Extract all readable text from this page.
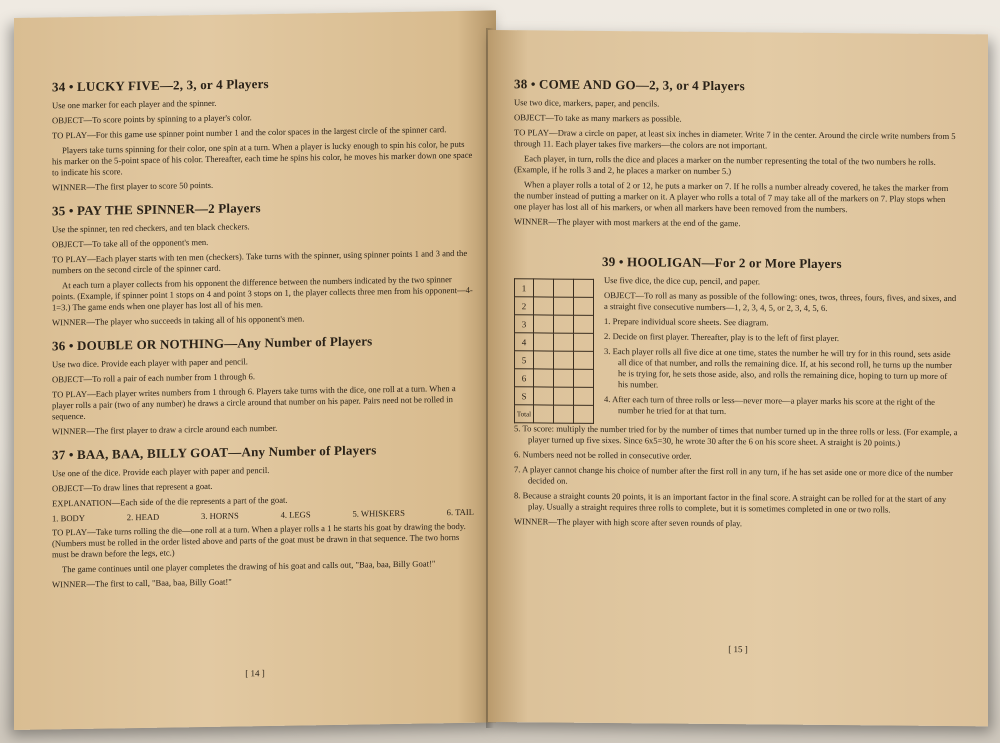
34 • LUCKY FIVE—2, 3, or 4 Players

Use one marker for each player and the spinner.

OBJECT—To score points by spinning to a player's color.

TO PLAY—For this game use spinner point number 1 and the color spaces in the largest circle of the spinner card.

Players take turns spinning for their color, one spin at a turn. When a player is lucky enough to spin his color, he puts his marker on the 5-point space of his color. Thereafter, each time he spins his color, he moves his marker down one space to indicate his score.

WINNER—The first player to score 50 points.

35 • PAY THE SPINNER—2 Players

Use the spinner, ten red checkers, and ten black checkers.

OBJECT—To take all of the opponent's men.

TO PLAY—Each player starts with ten men (checkers). Take turns with the spinner, using spinner points 1 and 3 and the numbers on the second circle of the spinner card.

At each turn a player collects from his opponent the difference between the numbers indicated by the two spinner points. (Example, if spinner point 1 stops on 4 and point 3 stops on 1, the player collects three men from his opponent—4-1=3.) The game ends when one player has lost all of his men.

WINNER—The player who succeeds in taking all of his opponent's men.

36 • DOUBLE OR NOTHING—Any Number of Players

Use two dice. Provide each player with paper and pencil.

OBJECT—To roll a pair of each number from 1 through 6.

TO PLAY—Each player writes numbers from 1 through 6. Players take turns with the dice, one roll at a turn. When a player rolls a pair (two of any number) he draws a circle around that number on his paper. Pairs need not be rolled in sequence.

WINNER—The first player to draw a circle around each number.

37 • BAA, BAA, BILLY GOAT—Any Number of Players

Use one of the dice. Provide each player with paper and pencil.

OBJECT—To draw lines that represent a goat.

EXPLANATION—Each side of the die represents a part of the goat.

1. BODY	2. HEAD	3. HORNS	4. LEGS	5. WHISKERS	6. TAIL

TO PLAY—Take turns rolling the die—one roll at a turn. When a player rolls a 1 he starts his goat by drawing the body. (Numbers must be rolled in the order listed above and parts of the goat must be drawn in that sequence. The two horns must be drawn before the legs, etc.)

The game continues until one player completes the drawing of his goat and calls out, "Baa, baa, Billy Goat!"

WINNER—The first to call, "Baa, baa, Billy Goat!"

[ 14 ]
38 • COME AND GO—2, 3, or 4 Players

Use two dice, markers, paper, and pencils.

OBJECT—To take as many markers as possible.

TO PLAY—Draw a circle on paper, at least six inches in diameter. Write 7 in the center. Around the circle write numbers from 5 through 11. Each player takes five markers—the colors are not important.

Each player, in turn, rolls the dice and places a marker on the number representing the total of the two numbers he rolls. (Example, if he rolls 3 and 2, he places a marker on number 5.)

When a player rolls a total of 2 or 12, he puts a marker on 7. If he rolls a number already covered, he takes the marker from the number instead of putting a marker on it. A player who rolls a total of 7 may take all of the markers on 7. Play stops when one player has lost all of his markers, or when all markers have been removed from the numbers.

WINNER—The player with most markers at the end of the game.

39 • HOOLIGAN—For 2 or More Players
1			
2			
3			
4			
5			
6			
S			
Total			

Use five dice, the dice cup, pencil, and paper.

OBJECT—To roll as many as possible of the following: ones, twos, threes, fours, fives, and sixes, and a straight five consecutive numbers—1, 2, 3, 4, 5, or 2, 3, 4, 5, 6.

1. Prepare individual score sheets. See diagram.
2. Decide on first player. Thereafter, play is to the left of first player.
3. Each player rolls all five dice at one time, states the number he will try for in this round, sets aside all dice of that number, and rolls the remaining dice. If, at his second roll, he turns up the number he is trying for, he sets those aside, also, and rolls the remaining dice, hoping to turn up more of his number.
4. After each turn of three rolls or less—never more—a player marks his score at the right of the number he tried for at that turn.
5. To score: multiply the number tried for by the number of times that number turned up in the three rolls or less. (For example, a player turned up five sixes. Since 6x5=30, he wrote 30 after the 6 on his score sheet. A straight is 20 points.)
6. Numbers need not be rolled in consecutive order.
7. A player cannot change his choice of number after the first roll in any turn, if he has set aside one or more dice of the number decided on.
8. Because a straight counts 20 points, it is an important factor in the final score. A straight can be rolled for at the start of any play. Usually a straight requires three rolls to complete, but it is sometimes completed in one or two rolls.

WINNER—The player with high score after seven rounds of play.

[ 15 ]
